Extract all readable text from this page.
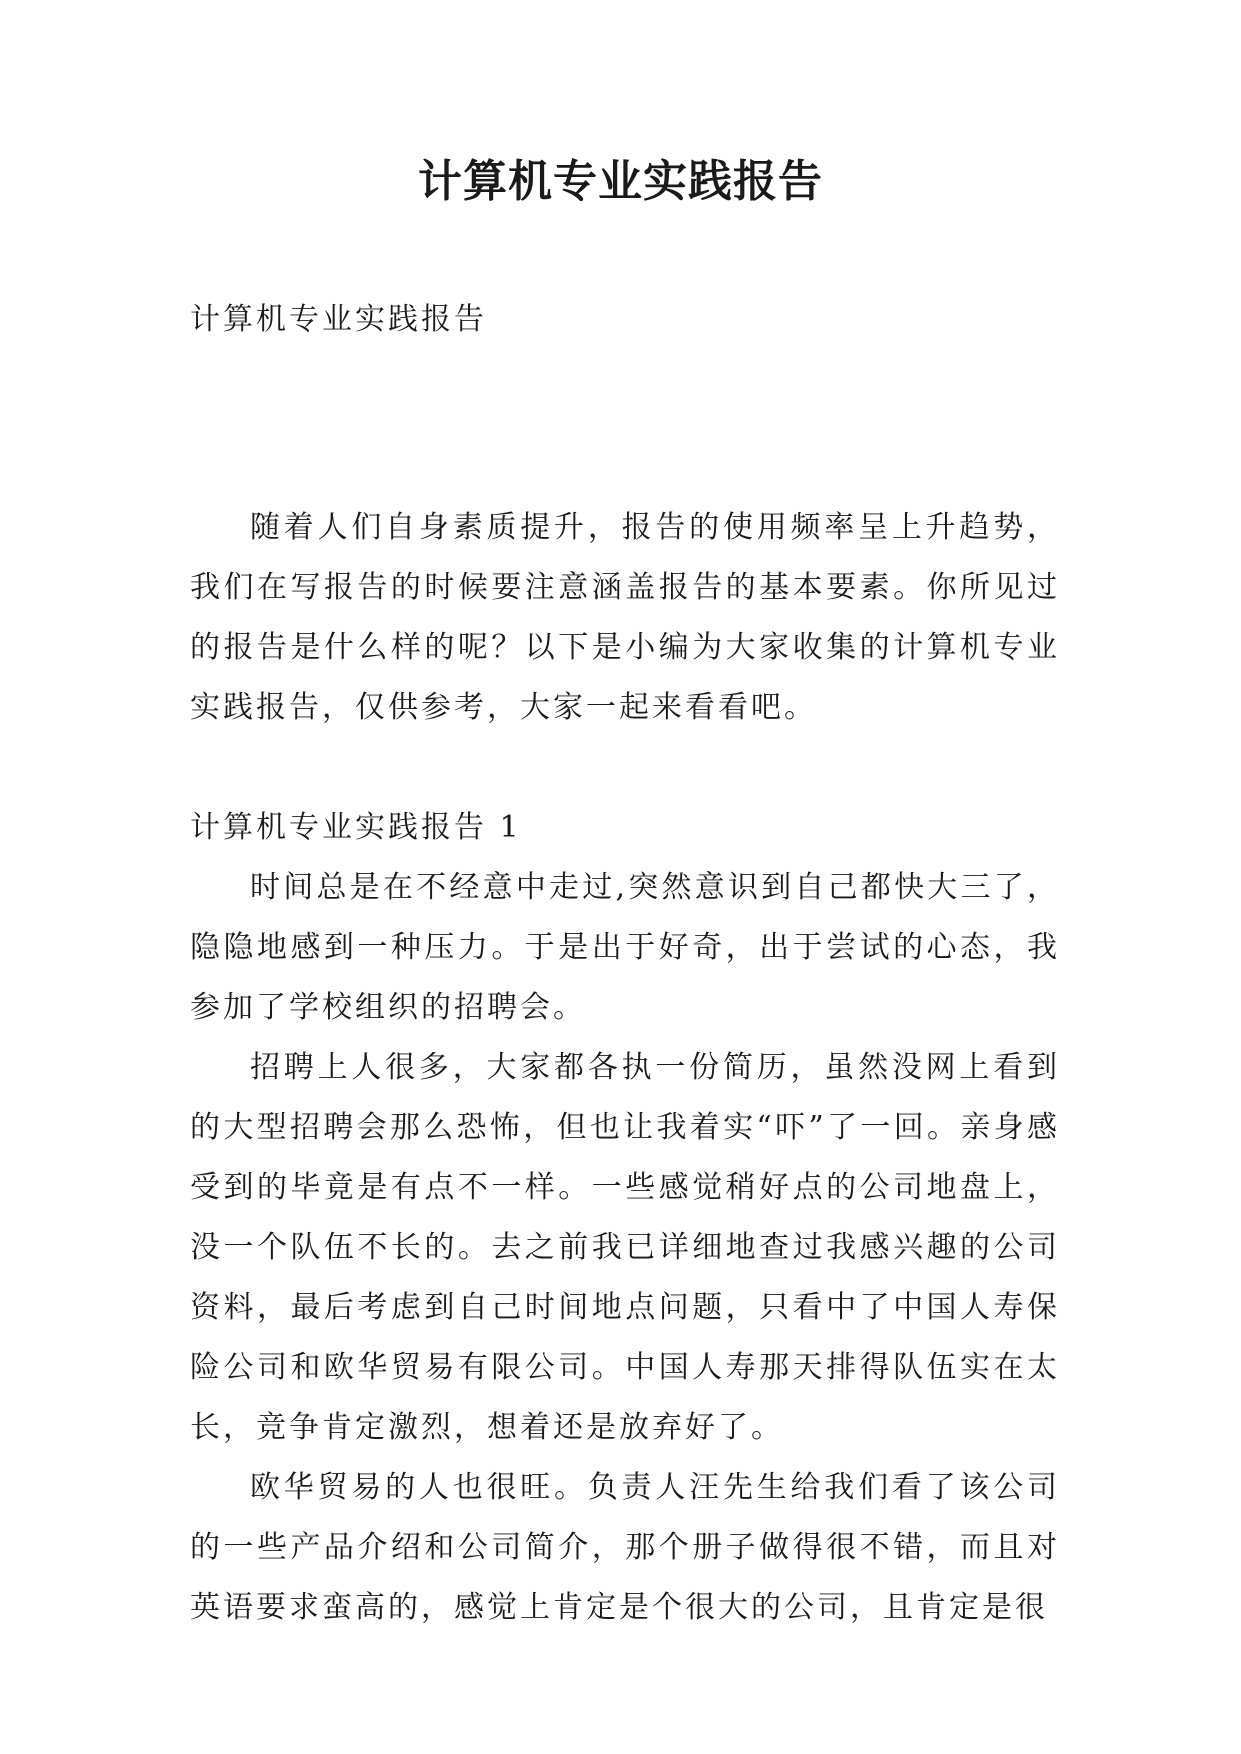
计算机专业实践报告

计算机专业实践报告

随着人们自身素质提升，报告的使用频率呈上升趋势，我们在写报告的时候要注意涵盖报告的基本要素。你所见过的报告是什么样的呢？以下是小编为大家收集的计算机专业实践报告，仅供参考，大家一起来看看吧。

计算机专业实践报告 1

时间总是在不经意中走过,突然意识到自己都快大三了，隐隐地感到一种压力。于是出于好奇，出于尝试的心态，我参加了学校组织的招聘会。

招聘上人很多，大家都各执一份简历，虽然没网上看到的大型招聘会那么恐怖，但也让我着实“吓”了一回。亲身感受到的毕竟是有点不一样。一些感觉稍好点的公司地盘上，没一个队伍不长的。去之前我已详细地查过我感兴趣的公司资料，最后考虑到自己时间地点问题，只看中了中国人寿保险公司和欧华贸易有限公司。中国人寿那天排得队伍实在太长，竞争肯定激烈，想着还是放弃好了。

欧华贸易的人也很旺。负责人汪先生给我们看了该公司的一些产品介绍和公司简介，那个册子做得很不错，而且对英语要求蛮高的，感觉上肯定是个很大的公司，且肯定是很
